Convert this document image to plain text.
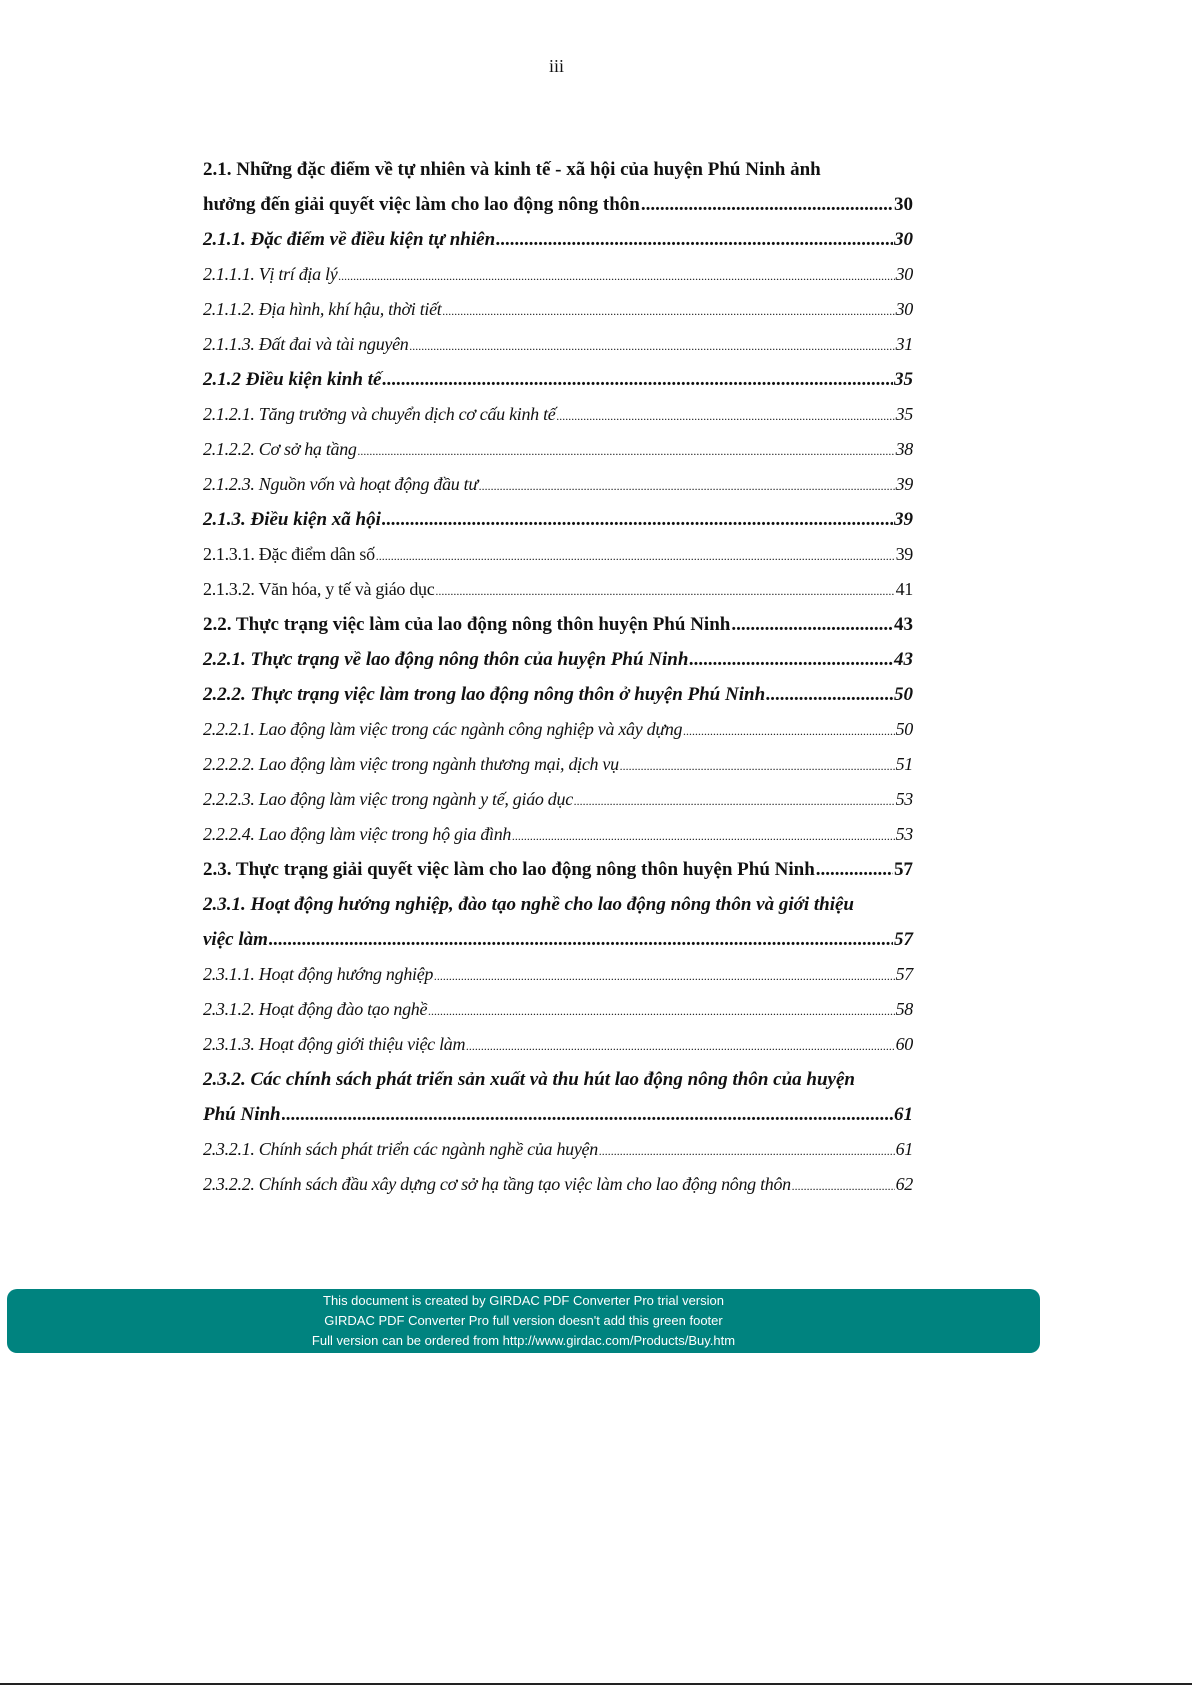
iii
2.1. Những đặc điểm về tự nhiên và kinh tế - xã hội của huyện Phú Ninh ảnh
hưởng đến giải quyết việc làm cho lao động nông thôn .....	30
2.1.1. Đặc điểm về điều kiện tự nhiên .....	30
2.1.1.1. Vị trí địa lý .....	30
2.1.1.2. Địa hình, khí hậu, thời tiết .....	30
2.1.1.3. Đất đai và tài nguyên .....	31
2.1.2 Điều kiện kinh tế .....	35
2.1.2.1. Tăng trưởng và chuyển dịch cơ cấu kinh tế .....	35
2.1.2.2. Cơ sở hạ tầng .....	38
2.1.2.3. Nguồn vốn và hoạt động đầu tư .....	39
2.1.3. Điều kiện xã hội .....	39
2.1.3.1. Đặc điểm dân số .....	39
2.1.3.2. Văn hóa, y tế và giáo dục .....	41
2.2. Thực trạng việc làm của lao động nông thôn huyện Phú Ninh .....	43
2.2.1. Thực trạng về lao động nông thôn của huyện Phú Ninh .....	43
2.2.2. Thực trạng việc làm trong lao động nông thôn ở huyện Phú Ninh .....	50
2.2.2.1. Lao động làm việc trong các ngành công nghiệp và xây dựng .....	50
2.2.2.2. Lao động làm việc trong ngành thương mại, dịch vụ .....	51
2.2.2.3. Lao động làm việc trong ngành y tế, giáo dục .....	53
2.2.2.4. Lao động làm việc trong hộ gia đình .....	53
2.3. Thực trạng giải quyết việc làm cho lao động nông thôn huyện Phú Ninh .....	57
2.3.1. Hoạt động hướng nghiệp, đào tạo nghề cho lao động nông thôn và giới thiệu
việc làm .....	57
2.3.1.1. Hoạt động hướng nghiệp .....	57
2.3.1.2. Hoạt động đào tạo nghề .....	58
2.3.1.3. Hoạt động giới thiệu việc làm .....	60
2.3.2. Các chính sách phát triển sản xuất và thu hút lao động nông thôn của huyện
Phú Ninh .....	61
2.3.2.1. Chính sách phát triển các ngành nghề của huyện .....	61
2.3.2.2. Chính sách đầu xây dựng cơ sở hạ tầng tạo việc làm cho lao động nông thôn .....	62
This document is created by GIRDAC PDF Converter Pro trial version
GIRDAC PDF Converter Pro full version doesn't add this green footer
Full version can be ordered from http://www.girdac.com/Products/Buy.htm
